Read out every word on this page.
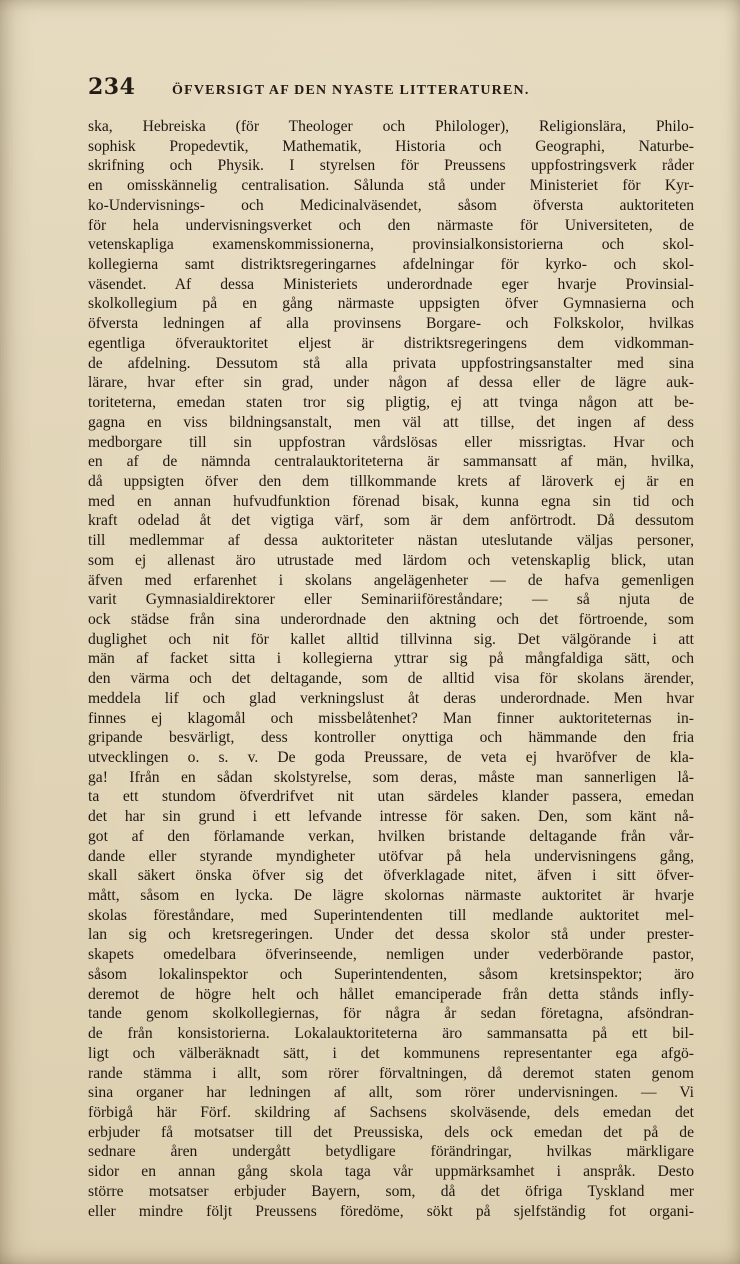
234	ÖFVERSIGT AF DEN NYASTE LITTERATUREN.
ska, Hebreiska (för Theologer och Philologer), Religionslära, Philo-
sophisk Propedevtik, Mathematik, Historia och Geographi, Naturbe-
skrifning och Physik. I styrelsen för Preussens uppfostringsverk råder
en omisskännelig centralisation. Sålunda stå under Ministeriet för Kyr-
ko-Undervisnings- och Medicinalväsendet, såsom öfversta auktoriteten
för hela undervisningsverket och den närmaste för Universiteten, de
vetenskapliga examenskommissionerna, provinsialkonsistorierna och skol-
kollegierna samt distriktsregeringarnes afdelningar för kyrko- och skol-
väsendet. Af dessa Ministeriets underordnade eger hvarje Provinsial-
skolkollegium på en gång närmaste uppsigten öfver Gymnasierna och
öfversta ledningen af alla provinsens Borgare- och Folkskolor, hvilkas
egentliga öfverauktoritet eljest är distriktsregeringens dem vidkomman-
de afdelning. Dessutom stå alla privata uppfostringsanstalter med sina
lärare, hvar efter sin grad, under någon af dessa eller de lägre auk-
toriteterna, emedan staten tror sig pligtig, ej att tvinga någon att be-
gagna en viss bildningsanstalt, men väl att tillse, det ingen af dess
medborgare till sin uppfostran vårdslösas eller missrigtas. Hvar och
en af de nämnda centralauktoriteterna är sammansatt af män, hvilka,
då uppsigten öfver den dem tillkommande krets af läroverk ej är en
med en annan hufvudfunktion förenad bisak, kunna egna sin tid och
kraft odelad åt det vigtiga värf, som är dem anförtrodt. Då dessutom
till medlemmar af dessa auktoriteter nästan uteslutande väljas personer,
som ej allenast äro utrustade med lärdom och vetenskaplig blick, utan
äfven med erfarenhet i skolans angelägenheter — de hafva gemenligen
varit Gymnasialdirektorer eller Seminariiföreståndare; — så njuta de
ock städse från sina underordnade den aktning och det förtroende, som
duglighet och nit för kallet alltid tillvinna sig. Det välgörande i att
män af facket sitta i kollegierna yttrar sig på mångfaldiga sätt, och
den värma och det deltagande, som de alltid visa för skolans ärender,
meddela lif och glad verkningslust åt deras underordnade. Men hvar
finnes ej klagomål och missbelåtenhet? Man finner auktoriteternas in-
gripande besvärligt, dess kontroller onyttiga och hämmande den fria
utvecklingen o. s. v. De goda Preussare, de veta ej hvaröfver de kla-
ga! Ifrån en sådan skolstyrelse, som deras, måste man sannerligen lå-
ta ett stundom öfverdrifvet nit utan särdeles klander passera, emedan
det har sin grund i ett lefvande intresse för saken. Den, som känt nå-
got af den förlamande verkan, hvilken bristande deltagande från vår-
dande eller styrande myndigheter utöfvar på hela undervisningens gång,
skall säkert önska öfver sig det öfverklagade nitet, äfven i sitt öfver-
mått, såsom en lycka. De lägre skolornas närmaste auktoritet är hvarje
skolas föreståndare, med Superintendenten till medlande auktoritet mel-
lan sig och kretsregeringen. Under det dessa skolor stå under prester-
skapets omedelbara öfverinseende, nemligen under vederbörande pastor,
såsom lokalinspektor och Superintendenten, såsom kretsinspektor; äro
deremot de högre helt och hållet emanciperade från detta stånds infly-
tande genom skolkollegiernas, för några år sedan företagna, afsöndran-
de från konsistorierna. Lokalauktoriteterna äro sammansatta på ett bil-
ligt och välberäknadt sätt, i det kommunens representanter ega afgö-
rande stämma i allt, som rörer förvaltningen, då deremot staten genom
sina organer har ledningen af allt, som rörer undervisningen. — Vi
förbigå här Förf. skildring af Sachsens skolväsende, dels emedan det
erbjuder få motsatser till det Preussiska, dels ock emedan det på de
sednare åren undergått betydligare förändringar, hvilkas märkligare
sidor en annan gång skola taga vår uppmärksamhet i anspråk. Desto
större motsatser erbjuder Bayern, som, då det öfriga Tyskland mer
eller mindre följt Preussens föredöme, sökt på sjelfständig fot organi-
